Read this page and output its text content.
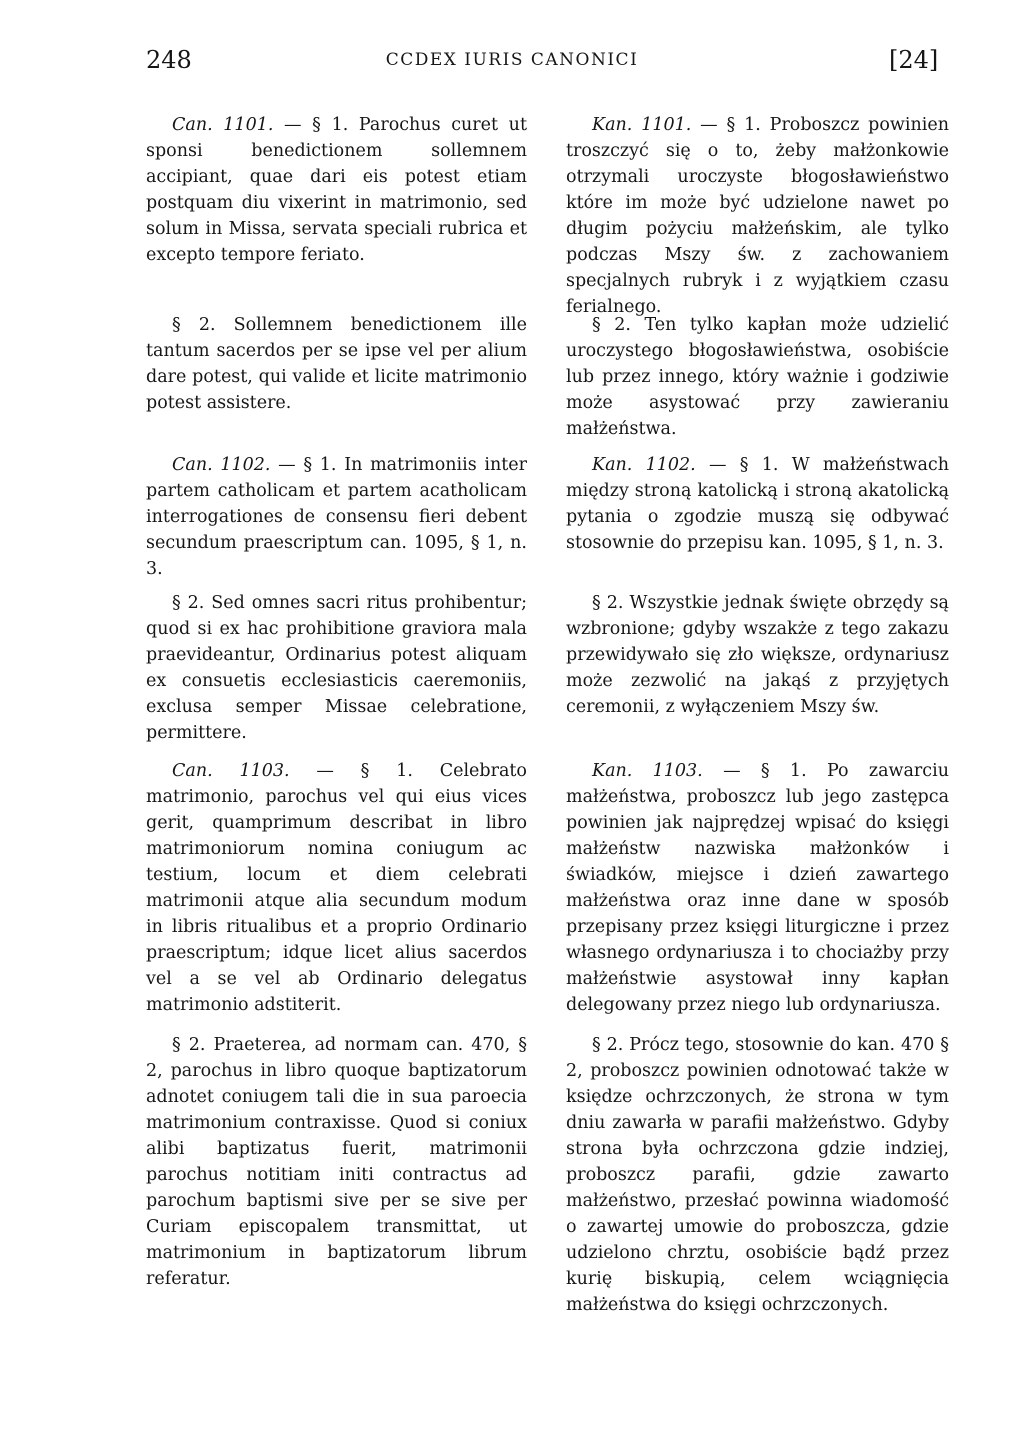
248	CCDEX IURIS CANONICI	[24]

Can. 1101. — § 1. Parochus curet ut sponsi benedictionem sollemnem accipiant, quae dari eis potest etiam postquam diu vixerint in matrimonio, sed solum in Missa, servata speciali rubrica et excepto tempore feriato.

§ 2. Sollemnem benedictionem ille tantum sacerdos per se ipse vel per alium dare potest, qui valide et licite matrimonio potest assistere.

Can. 1102. — § 1. In matrimoniis inter partem catholicam et partem acatholicam interrogationes de consensu fieri debent secundum praescriptum can. 1095, § 1, n. 3.

§ 2. Sed omnes sacri ritus prohibentur; quod si ex hac prohibitione graviora mala praevideantur, Ordinarius potest aliquam ex consuetis ecclesiasticis caeremoniis, exclusa semper Missae celebratione, permittere.

Can. 1103. — § 1. Celebrato matrimonio, parochus vel qui eius vices gerit, quamprimum describat in libro matrimoniorum nomina coniugum ac testium, locum et diem celebrati matrimonii atque alia secundum modum in libris ritualibus et a proprio Ordinario praescriptum; idque licet alius sacerdos vel a se vel ab Ordinario delegatus matrimonio adstiterit.

§ 2. Praeterea, ad normam can. 470, § 2, parochus in libro quoque baptizatorum adnotet coniugem tali die in sua paroecia matrimonium contraxisse. Quod si coniux alibi baptizatus fuerit, matrimonii parochus notitiam initi contractus ad parochum baptismi sive per se sive per Curiam episcopalem transmittat, ut matrimonium in baptizatorum librum referatur.

Kan. 1101. — § 1. Proboszcz powinien troszczyć się o to, żeby małżonkowie otrzymali uroczyste błogosławieństwo które im może być udzielone nawet po długim pożyciu małżeńskim, ale tylko podczas Mszy św. z zachowaniem specjalnych rubryk i z wyjątkiem czasu ferialnego.

§ 2. Ten tylko kapłan może udzielić uroczystego błogosławieństwa, osobiście lub przez innego, który ważnie i godziwie może asystować przy zawieraniu małżeństwa.

Kan. 1102. — § 1. W małżeństwach między stroną katolicką i stroną akatolicką pytania o zgodzie muszą się odbywać stosownie do przepisu kan. 1095, § 1, n. 3.

§ 2. Wszystkie jednak święte obrzędy są wzbronione; gdyby wszakże z tego zakazu przewidywało się zło większe, ordynariusz może zezwolić na jakąś z przyjętych ceremonii, z wyłączeniem Mszy św.

Kan. 1103. — § 1. Po zawarciu małżeństwa, proboszcz lub jego zastępca powinien jak najprędzej wpisać do księgi małżeństw nazwiska małżonków i świadków, miejsce i dzień zawartego małżeństwa oraz inne dane w sposób przepisany przez księgi liturgiczne i przez własnego ordynariusza i to chociażby przy małżeństwie asystował inny kapłan delegowany przez niego lub ordynariusza.

§ 2. Prócz tego, stosownie do kan. 470 § 2, proboszcz powinien odnotować także w księdze ochrzczonych, że strona w tym dniu zawarła w parafii małżeństwo. Gdyby strona była ochrzczona gdzie indziej, proboszcz parafii, gdzie zawarto małżeństwo, przesłać powinna wiadomość o zawartej umowie do proboszcza, gdzie udzielono chrztu, osobiście bądź przez kurię biskupią, celem wciągnięcia małżeństwa do księgi ochrzczonych.
